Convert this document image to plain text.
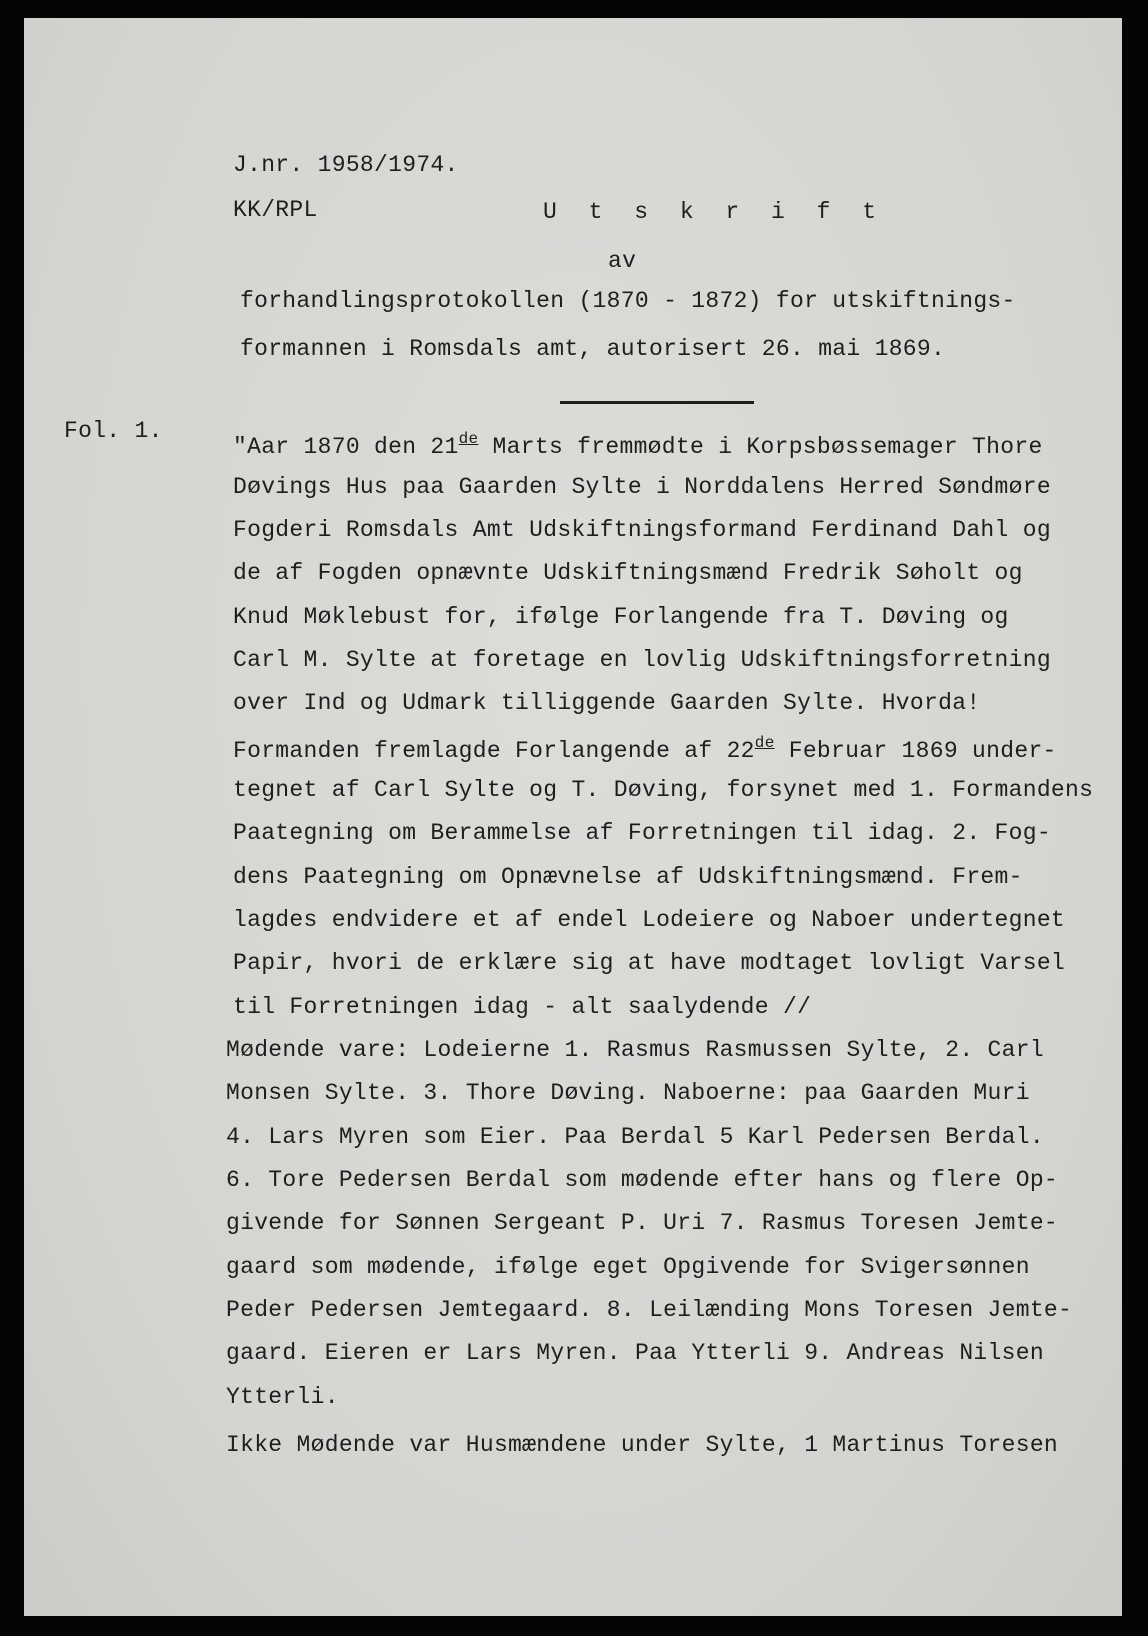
J.nr. 1958/1974.

KK/RPL	U t s k r i f t

av

forhandlingsprotokollen (1870 - 1872) for utskiftnings-

formannen i Romsdals amt, autorisert 26. mai 1869.

Fol. 1.

"Aar 1870 den 21de Marts fremmødte i Korpsbøssemager Thore

Døvings Hus paa Gaarden Sylte i Norddalens Herred Søndmøre

Fogderi Romsdals Amt Udskiftningsformand Ferdinand Dahl og

de af Fogden opnævnte Udskiftningsmænd Fredrik Søholt og

Knud Møklebust for, ifølge Forlangende fra T. Døving og

Carl M. Sylte at foretage en lovlig Udskiftningsforretning

over Ind og Udmark tilliggende Gaarden Sylte. Hvorda!

Formanden fremlagde Forlangende af 22de Februar 1869 under-

tegnet af Carl Sylte og T. Døving, forsynet med 1. Formandens

Paategning om Berammelse af Forretningen til idag. 2. Fog-

dens Paategning om Opnævnelse af Udskiftningsmænd. Frem-

lagdes endvidere et af endel Lodeiere og Naboer undertegnet

Papir, hvori de erklære sig at have modtaget lovligt Varsel

til Forretningen idag - alt saalydende //

Mødende vare: Lodeierne 1. Rasmus Rasmussen Sylte, 2. Carl

Monsen Sylte. 3. Thore Døving. Naboerne: paa Gaarden Muri

4. Lars Myren som Eier. Paa Berdal 5 Karl Pedersen Berdal.

6. Tore Pedersen Berdal som mødende efter hans og flere Op-

givende for Sønnen Sergeant P. Uri 7. Rasmus Toresen Jemte-

gaard som mødende, ifølge eget Opgivende for Svigersønnen

Peder Pedersen Jemtegaard. 8. Leilænding Mons Toresen Jemte-

gaard. Eieren er Lars Myren. Paa Ytterli 9. Andreas Nilsen

Ytterli.

Ikke Mødende var Husmændene under Sylte, 1 Martinus Toresen
